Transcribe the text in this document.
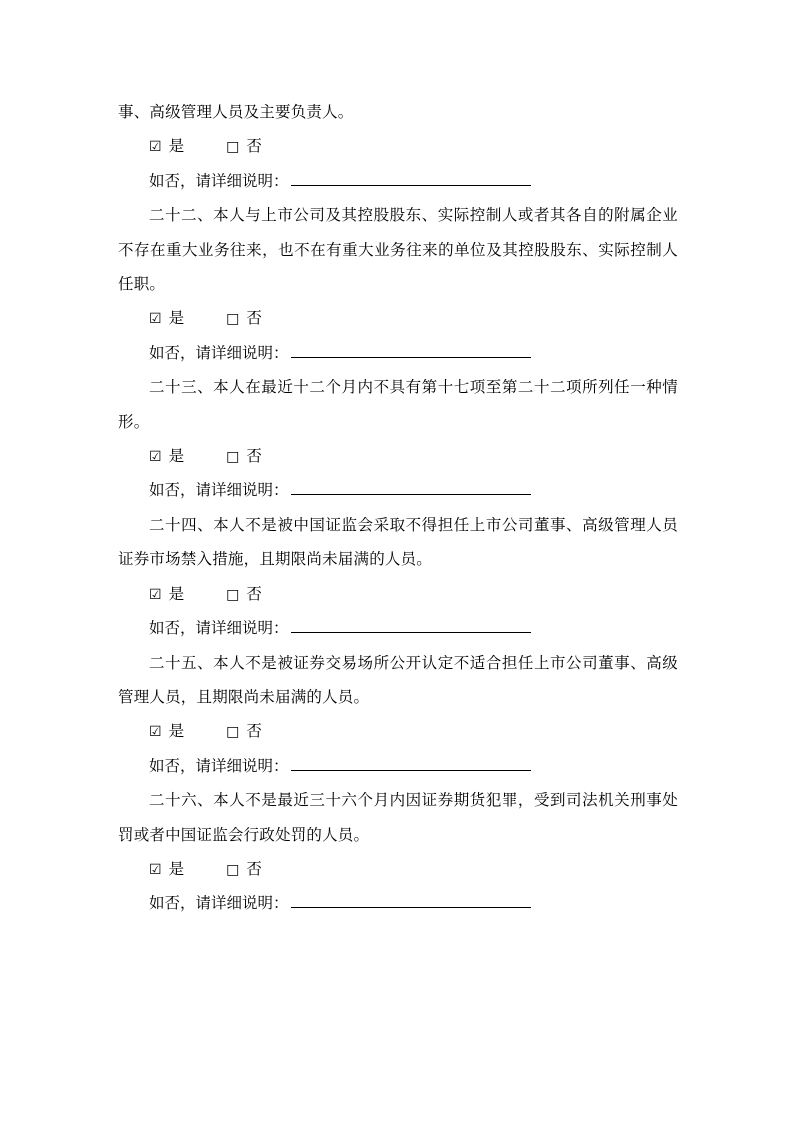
事、高级管理人员及主要负责人。

☑ 是	□ 否
如否，请详细说明：

二十二、本人与上市公司及其控股股东、实际控制人或者其各自的附属企业不存在重大业务往来，也不在有重大业务往来的单位及其控股股东、实际控制人任职。

☑ 是	□ 否
如否，请详细说明：

二十三、本人在最近十二个月内不具有第十七项至第二十二项所列任一种情形。

☑ 是	□ 否
如否，请详细说明：

二十四、本人不是被中国证监会采取不得担任上市公司董事、高级管理人员证券市场禁入措施，且期限尚未届满的人员。

☑ 是	□ 否
如否，请详细说明：

二十五、本人不是被证券交易场所公开认定不适合担任上市公司董事、高级管理人员，且期限尚未届满的人员。

☑ 是	□ 否
如否，请详细说明：

二十六、本人不是最近三十六个月内因证券期货犯罪，受到司法机关刑事处罚或者中国证监会行政处罚的人员。

☑ 是	□ 否
如否，请详细说明：
